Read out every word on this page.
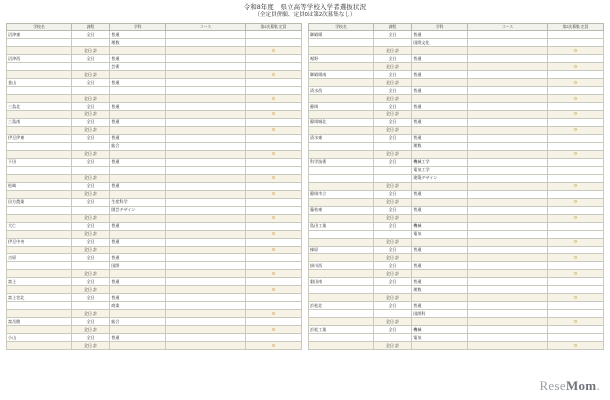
令和8年度　県立高等学校入学者選抜状況
（全定員併願、定員0は第2次募集なし）
学校名	課程	学科	コース	第2次募集 定員
沼津東	全日	普通		
		理数		
	全日 計			0
沼津西	全日	普通		
		芸術		
	全日 計			0
韮山	全日	普通		

	全日 計			0
三島北	全日	普通		
	全日 計			0
三島南	全日	普通		
	全日 計			0
伊豆伊東	全日	普通		
		総合		
	全日 計			0
下田	全日	普通		

	全日 計			0
松崎	全日	普通		
	全日 計			0
田方農業	全日	生産科学		
		園芸デザイン		
	全日 計			0
大仁	全日	普通		
	全日 計			0
伊豆中央	全日	普通		
	全日 計			0
吉原	全日	普通		
		国際		
	全日 計			0
富士	全日	普通		
	全日 計			0
富士宮北	全日	普通		
		商業		
	全日 計			0
富岳館	全日	総合		
	全日 計			0
小山	全日	普通		
	全日 計			0
学校名	課程	学科	コース	第2次募集 定員
御殿場	全日	普通		
		国際文化		
	全日 計			0
裾野	全日	普通		
	全日 計			0
御殿場南	全日	普通		
	全日 計			0
清水西	全日	普通		
	全日 計			0
静岡	全日	普通		
	全日 計			0
静岡城北	全日	普通		
	全日 計			0
清水東	全日	普通		
		理数		
	全日 計			0
科学技術	全日	機械工学		
		電気工学		
		建築デザイン		
	全日 計			0
静岡市立	全日	普通		
	全日 計			0
藤枝東	全日	普通		
	全日 計			0
島田工業	全日	機械		
		電気		
	全日 計			0
榛原	全日	普通		
	全日 計			0
掛川西	全日	普通		
	全日 計			0
磐田南	全日	普通		
		理数		
	全日 計			0
浜松北	全日	普通		
		国際科		
	全日 計			0
浜松工業	全日	機械		
		電気		
	全日 計			0
ReseMom.
